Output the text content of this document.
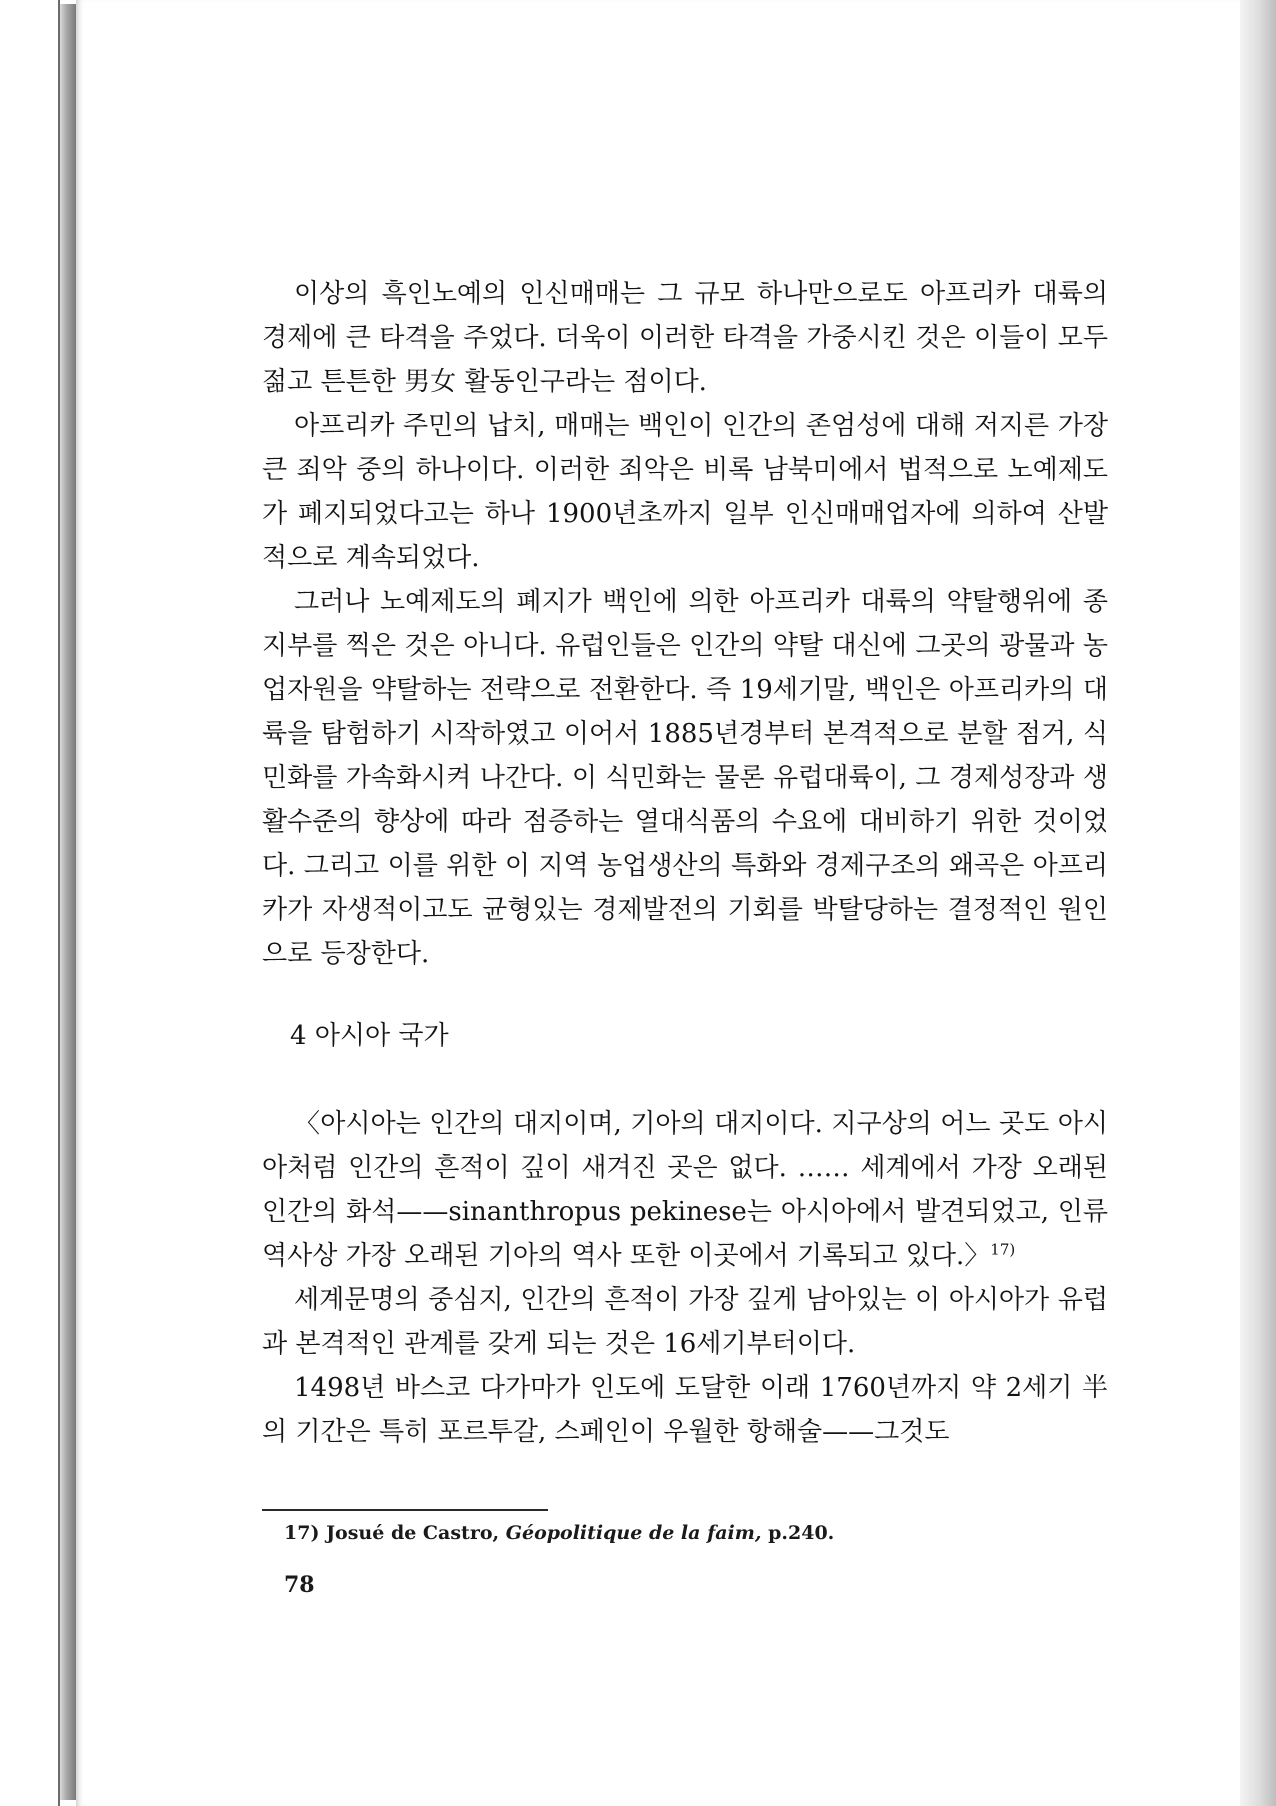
이상의 흑인노예의 인신매매는 그 규모 하나만으로도 아프리카 대륙의 경제에 큰 타격을 주었다. 더욱이 이러한 타격을 가중시킨 것은 이들이 모두 젊고 튼튼한 男女 활동인구라는 점이다.

아프리카 주민의 납치, 매매는 백인이 인간의 존엄성에 대해 저지른 가장 큰 죄악 중의 하나이다. 이러한 죄악은 비록 남북미에서 법적으로 노예제도가 폐지되었다고는 하나 1900년초까지 일부 인신매매업자에 의하여 산발적으로 계속되었다.

그러나 노예제도의 폐지가 백인에 의한 아프리카 대륙의 약탈행위에 종지부를 찍은 것은 아니다. 유럽인들은 인간의 약탈 대신에 그곳의 광물과 농업자원을 약탈하는 전략으로 전환한다. 즉 19세기말, 백인은 아프리카의 대륙을 탐험하기 시작하였고 이어서 1885년경부터 본격적으로 분할 점거, 식민화를 가속화시켜 나간다. 이 식민화는 물론 유럽대륙이, 그 경제성장과 생활수준의 향상에 따라 점증하는 열대식품의 수요에 대비하기 위한 것이었다. 그리고 이를 위한 이 지역 농업생산의 특화와 경제구조의 왜곡은 아프리카가 자생적이고도 균형있는 경제발전의 기회를 박탈당하는 결정적인 원인으로 등장한다.

4 아시아 국가

〈아시아는 인간의 대지이며, 기아의 대지이다. 지구상의 어느 곳도 아시아처럼 인간의 흔적이 깊이 새겨진 곳은 없다. …… 세계에서 가장 오래된 인간의 화석——sinanthropus pekinese는 아시아에서 발견되었고, 인류역사상 가장 오래된 기아의 역사 또한 이곳에서 기록되고 있다.〉$^{17)}$

세계문명의 중심지, 인간의 흔적이 가장 깊게 남아있는 이 아시아가 유럽과 본격적인 관계를 갖게 되는 것은 16세기부터이다.

1498년 바스코 다가마가 인도에 도달한 이래 1760년까지 약 2세기 半의 기간은 특히 포르투갈, 스페인이 우월한 항해술——그것도

17) Josué de Castro, Géopolitique de la faim, p.240.
78
